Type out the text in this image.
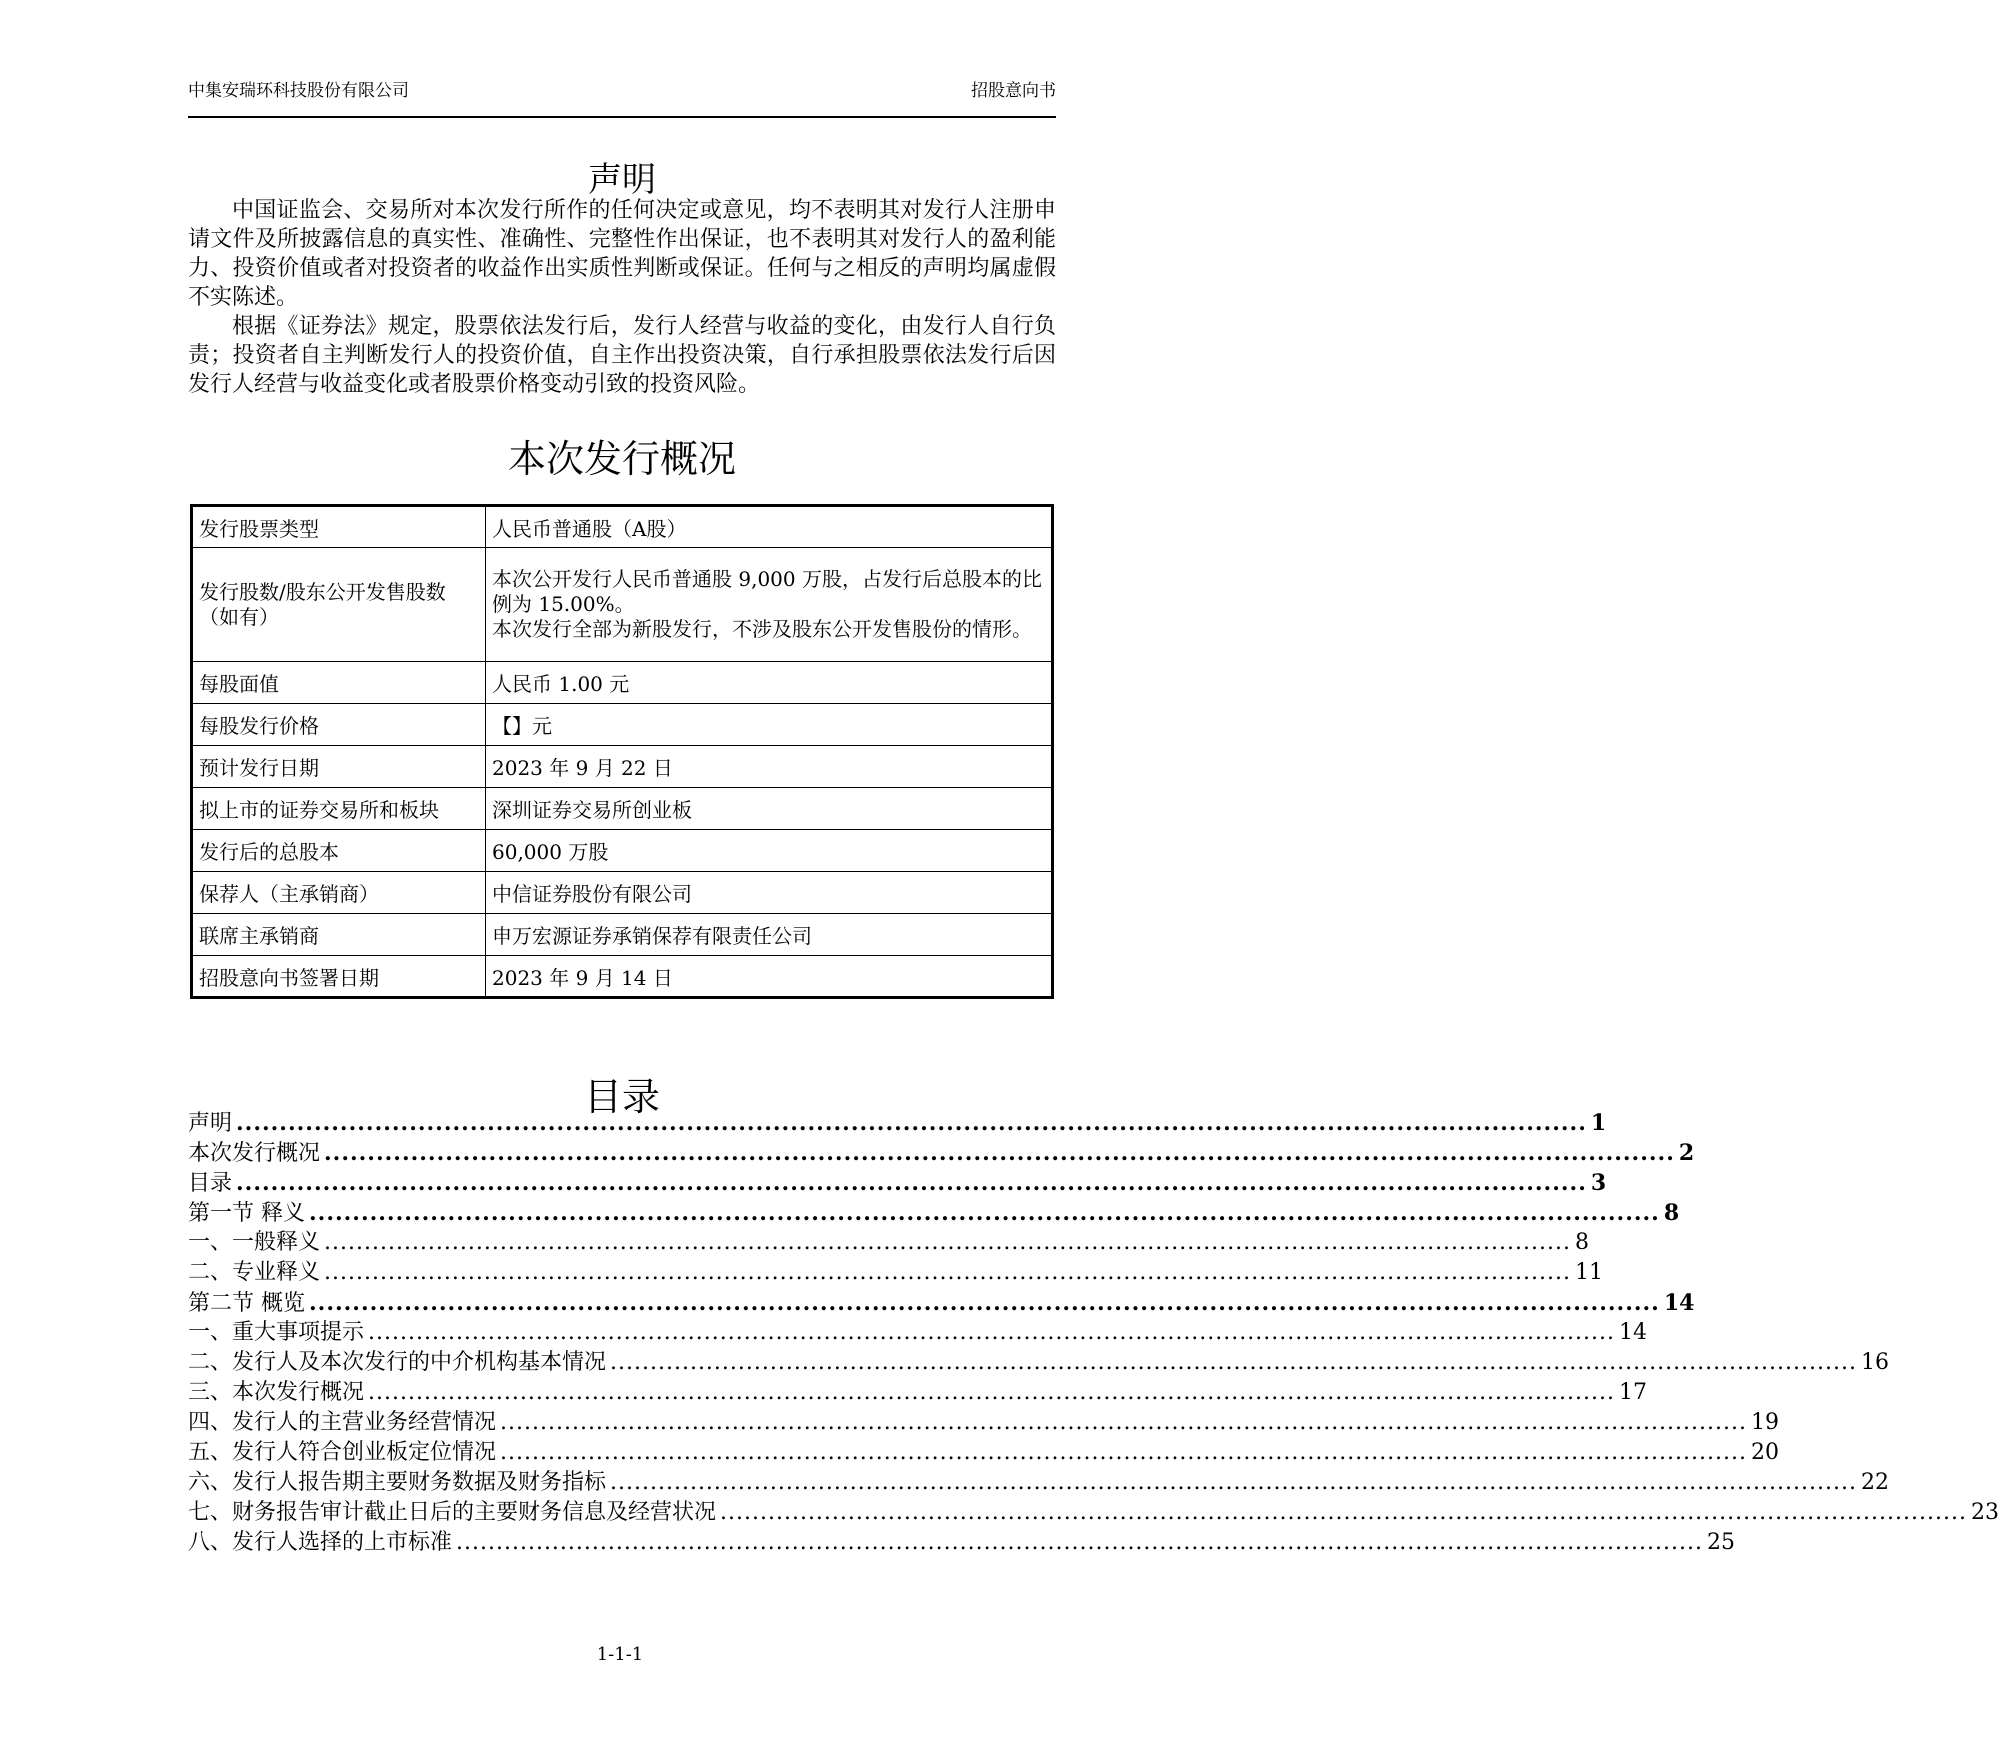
中集安瑞环科技股份有限公司	招股意向书
声明

中国证监会、交易所对本次发行所作的任何决定或意见，均不表明其对发行人注册申请文件及所披露信息的真实性、准确性、完整性作出保证，也不表明其对发行人的盈利能力、投资价值或者对投资者的收益作出实质性判断或保证。任何与之相反的声明均属虚假不实陈述。

根据《证券法》规定，股票依法发行后，发行人经营与收益的变化，由发行人自行负责；投资者自主判断发行人的投资价值，自主作出投资决策，自行承担股票依法发行后因发行人经营与收益变化或者股票价格变动引致的投资风险。

本次发行概况
发行股票类型	人民币普通股（A股）
发行股数/股东公开发售股数（如有）	本次公开发行人民币普通股 9,000 万股，占发行后总股本的比例为 15.00%。
本次发行全部为新股发行，不涉及股东公开发售股份的情形。

每股面值	人民币 1.00 元
每股发行价格	【】元
预计发行日期	2023 年 9 月 22 日
拟上市的证券交易所和板块	深圳证券交易所创业板
发行后的总股本	60,000 万股
保荐人（主承销商）	中信证券股份有限公司
联席主承销商	申万宏源证券承销保荐有限责任公司
招股意向书签署日期	2023 年 9 月 14 日
目录
声明 ............................................................................................................................................................ 1
本次发行概况 ............................................................................................................................................................ 2
目录 ............................................................................................................................................................ 3
第一节 释义 ............................................................................................................................................................ 8
一、一般释义 ............................................................................................................................................................ 8
二、专业释义 ............................................................................................................................................................ 11
第二节 概览 ............................................................................................................................................................ 14
一、重大事项提示 ............................................................................................................................................................ 14
二、发行人及本次发行的中介机构基本情况 ............................................................................................................................................................ 16
三、本次发行概况 ............................................................................................................................................................ 17
四、发行人的主营业务经营情况 ............................................................................................................................................................ 19
五、发行人符合创业板定位情况 ............................................................................................................................................................ 20
六、发行人报告期主要财务数据及财务指标 ............................................................................................................................................................ 22
七、财务报告审计截止日后的主要财务信息及经营状况 ............................................................................................................................................................ 23
八、发行人选择的上市标准 ............................................................................................................................................................ 25
1-1-1
